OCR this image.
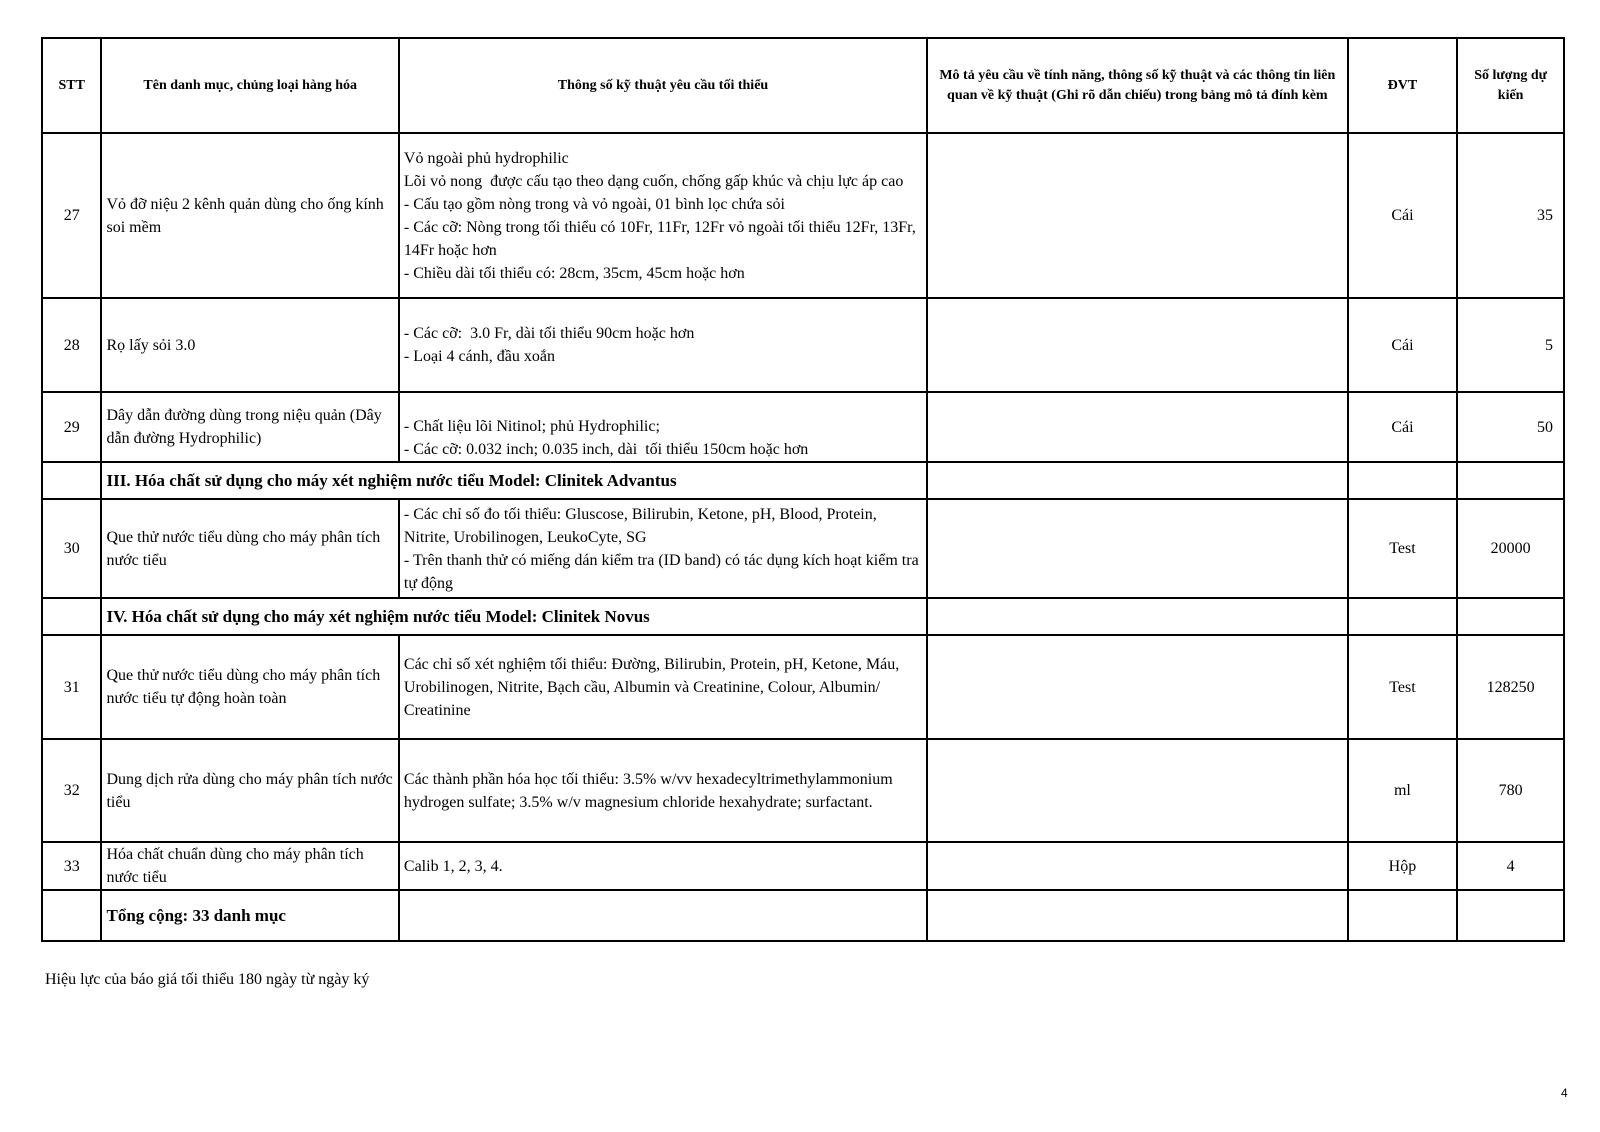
STT	Tên danh mục, chủng loại hàng hóa	Thông số kỹ thuật yêu cầu tối thiểu	Mô tả yêu cầu về tính năng, thông số kỹ thuật và các thông tin liên quan về kỹ thuật (Ghi rõ dẫn chiếu) trong bảng mô tả đính kèm	ĐVT	Số lượng dự kiến
27	Vỏ đỡ niệu 2 kênh quản dùng cho ống kính soi mềm	Vỏ ngoài phủ hydrophilic
Lõi vỏ nong  được cấu tạo theo dạng cuốn, chống gấp khúc và chịu lực áp cao
- Cấu tạo gồm nòng trong và vỏ ngoài, 01 bình lọc chứa sỏi
- Các cỡ: Nòng trong tối thiểu có 10Fr, 11Fr, 12Fr vỏ ngoài tối thiểu 12Fr, 13Fr, 14Fr hoặc hơn
- Chiều dài tối thiểu có: 28cm, 35cm, 45cm hoặc hơn		Cái	35
28	Rọ lấy sỏi 3.0	- Các cỡ:  3.0 Fr, dài tối thiểu 90cm hoặc hơn
- Loại 4 cánh, đầu xoắn		Cái	5
29	Dây dẫn đường dùng trong niệu quản (Dây dẫn đường Hydrophilic)	- Chất liệu lõi Nitinol; phủ Hydrophilic;
- Các cỡ: 0.032 inch; 0.035 inch, dài  tối thiểu 150cm hoặc hơn		Cái	50
	III. Hóa chất sử dụng cho máy xét nghiệm nước tiểu Model: Clinitek Advantus				
30	Que thử nước tiểu dùng cho máy phân tích nước tiểu	- Các chỉ số đo tối thiểu: Gluscose, Bilirubin, Ketone, pH, Blood, Protein, Nitrite, Urobilinogen, LeukoCyte, SG
- Trên thanh thử có miếng dán kiểm tra (ID band) có tác dụng kích hoạt kiểm tra tự động		Test	20000
	IV. Hóa chất sử dụng cho máy xét nghiệm nước tiểu Model: Clinitek Novus				
31	Que thử nước tiểu dùng cho máy phân tích nước tiểu tự động hoàn toàn	Các chỉ số xét nghiệm tối thiểu: Đường, Bilirubin, Protein, pH, Ketone, Máu, Urobilinogen, Nitrite, Bạch cầu, Albumin và Creatinine, Colour, Albumin/ Creatinine		Test	128250
32	Dung dịch rửa dùng cho máy phân tích nước tiểu	Các thành phần hóa học tối thiểu: 3.5% w/vv hexadecyltrimethylammonium hydrogen sulfate; 3.5% w/v magnesium chloride hexahydrate; surfactant.		ml	780
33	Hóa chất chuẩn dùng cho máy phân tích nước tiểu	Calib 1, 2, 3, 4.		Hộp	4
	Tổng cộng: 33 danh mục				
Hiệu lực của báo giá tối thiểu 180 ngày từ ngày ký
4
